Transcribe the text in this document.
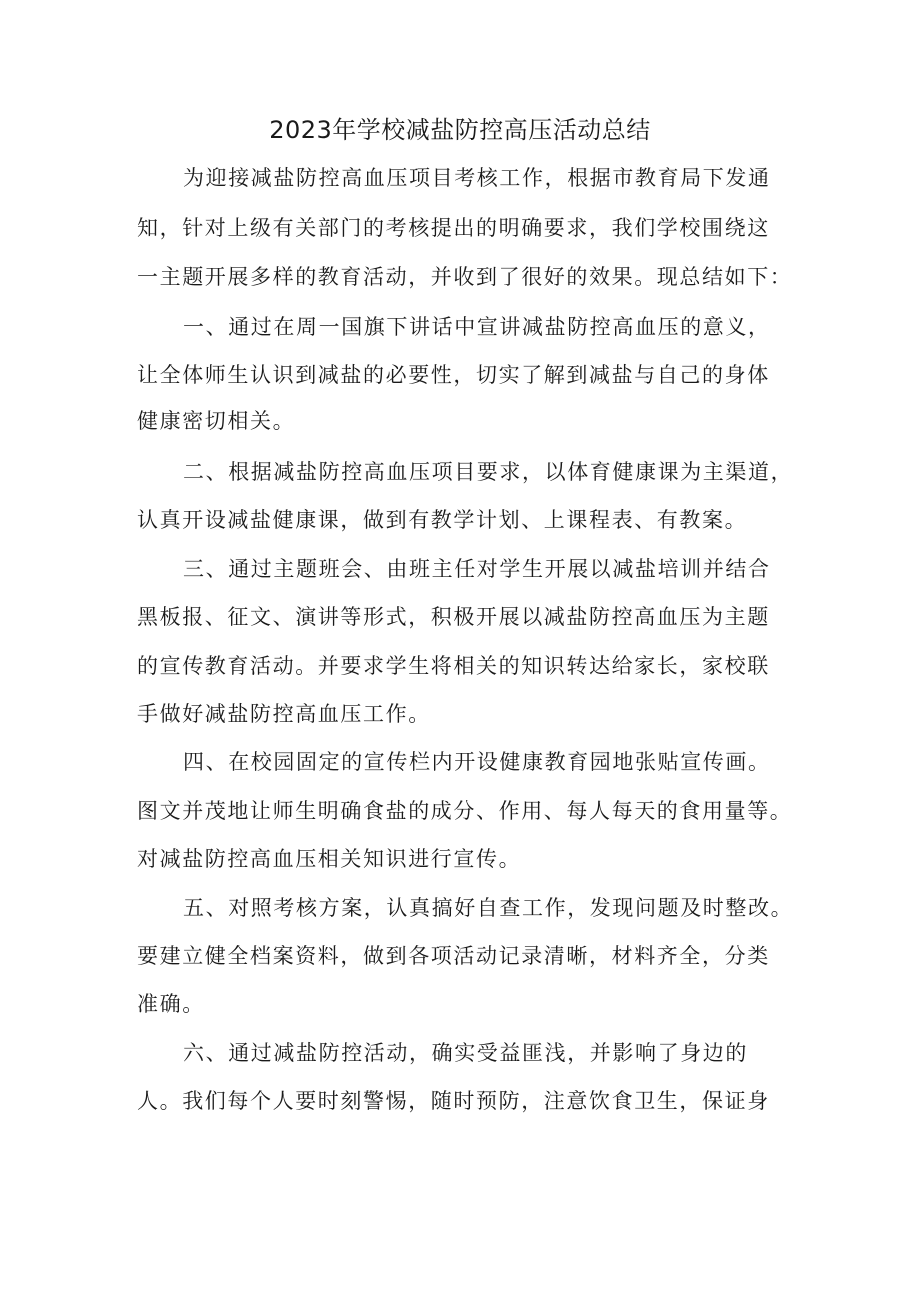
2023年学校减盐防控高压活动总结
为迎接减盐防控高血压项目考核工作，根据市教育局下发通
知，针对上级有关部门的考核提出的明确要求，我们学校围绕这
一主题开展多样的教育活动，并收到了很好的效果。现总结如下：
一、通过在周一国旗下讲话中宣讲减盐防控高血压的意义，
让全体师生认识到减盐的必要性，切实了解到减盐与自己的身体
健康密切相关。
二、根据减盐防控高血压项目要求，以体育健康课为主渠道，
认真开设减盐健康课，做到有教学计划、上课程表、有教案。
三、通过主题班会、由班主任对学生开展以减盐培训并结合
黑板报、征文、演讲等形式，积极开展以减盐防控高血压为主题
的宣传教育活动。并要求学生将相关的知识转达给家长，家校联
手做好减盐防控高血压工作。
四、在校园固定的宣传栏内开设健康教育园地张贴宣传画。
图文并茂地让师生明确食盐的成分、作用、每人每天的食用量等。
对减盐防控高血压相关知识进行宣传。
五、对照考核方案，认真搞好自查工作，发现问题及时整改。
要建立健全档案资料，做到各项活动记录清晰，材料齐全，分类
准确。
六、通过减盐防控活动，确实受益匪浅，并影响了身边的
人。我们每个人要时刻警惕，随时预防，注意饮食卫生，保证身
